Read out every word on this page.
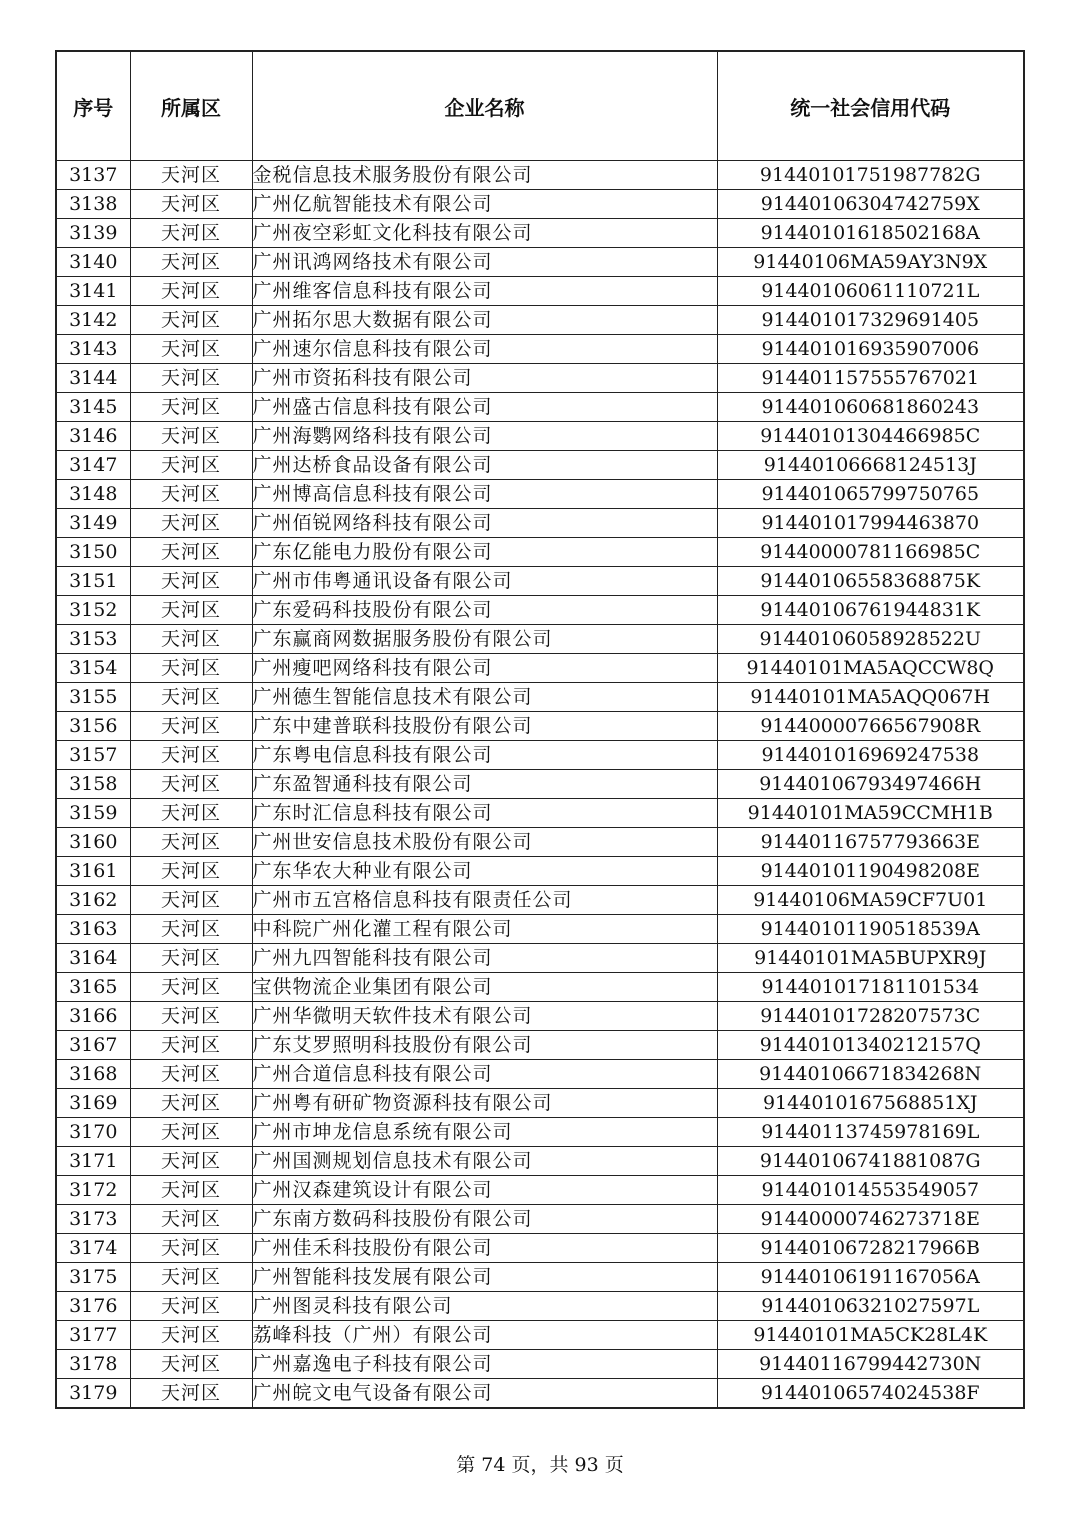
序号	所属区	企业名称	统一社会信用代码
3137	天河区	金税信息技术服务股份有限公司	91440101751987782G
3138	天河区	广州亿航智能技术有限公司	91440106304742759X
3139	天河区	广州夜空彩虹文化科技有限公司	91440101618502168A
3140	天河区	广州讯鸿网络技术有限公司	91440106MA59AY3N9X
3141	天河区	广州维客信息科技有限公司	91440106061110721L
3142	天河区	广州拓尔思大数据有限公司	914401017329691405
3143	天河区	广州速尔信息科技有限公司	914401016935907006
3144	天河区	广州市资拓科技有限公司	914401157555767021
3145	天河区	广州盛古信息科技有限公司	914401060681860243
3146	天河区	广州海鹦网络科技有限公司	91440101304466985C
3147	天河区	广州达桥食品设备有限公司	91440106668124513J
3148	天河区	广州博高信息科技有限公司	914401065799750765
3149	天河区	广州佰锐网络科技有限公司	914401017994463870
3150	天河区	广东亿能电力股份有限公司	91440000781166985C
3151	天河区	广州市伟粤通讯设备有限公司	91440106558368875K
3152	天河区	广东爱码科技股份有限公司	91440106761944831K
3153	天河区	广东赢商网数据服务股份有限公司	91440106058928522U
3154	天河区	广州瘦吧网络科技有限公司	91440101MA5AQCCW8Q
3155	天河区	广州德生智能信息技术有限公司	91440101MA5AQQ067H
3156	天河区	广东中建普联科技股份有限公司	91440000766567908R
3157	天河区	广东粤电信息科技有限公司	914401016969247538
3158	天河区	广东盈智通科技有限公司	91440106793497466H
3159	天河区	广东时汇信息科技有限公司	91440101MA59CCMH1B
3160	天河区	广州世安信息技术股份有限公司	91440116757793663E
3161	天河区	广东华农大种业有限公司	91440101190498208E
3162	天河区	广州市五宫格信息科技有限责任公司	91440106MA59CF7U01
3163	天河区	中科院广州化灌工程有限公司	91440101190518539A
3164	天河区	广州九四智能科技有限公司	91440101MA5BUPXR9J
3165	天河区	宝供物流企业集团有限公司	914401017181101534
3166	天河区	广州华微明天软件技术有限公司	91440101728207573C
3167	天河区	广东艾罗照明科技股份有限公司	91440101340212157Q
3168	天河区	广州合道信息科技有限公司	91440106671834268N
3169	天河区	广州粤有研矿物资源科技有限公司	9144010167568851XJ
3170	天河区	广州市坤龙信息系统有限公司	91440113745978169L
3171	天河区	广州国测规划信息技术有限公司	91440106741881087G
3172	天河区	广州汉森建筑设计有限公司	914401014553549057
3173	天河区	广东南方数码科技股份有限公司	91440000746273718E
3174	天河区	广州佳禾科技股份有限公司	91440106728217966B
3175	天河区	广州智能科技发展有限公司	91440106191167056A
3176	天河区	广州图灵科技有限公司	91440106321027597L
3177	天河区	荔峰科技（广州）有限公司	91440101MA5CK28L4K
3178	天河区	广州嘉逸电子科技有限公司	91440116799442730N
3179	天河区	广州皖文电气设备有限公司	91440106574024538F
第 74 页，共 93 页
